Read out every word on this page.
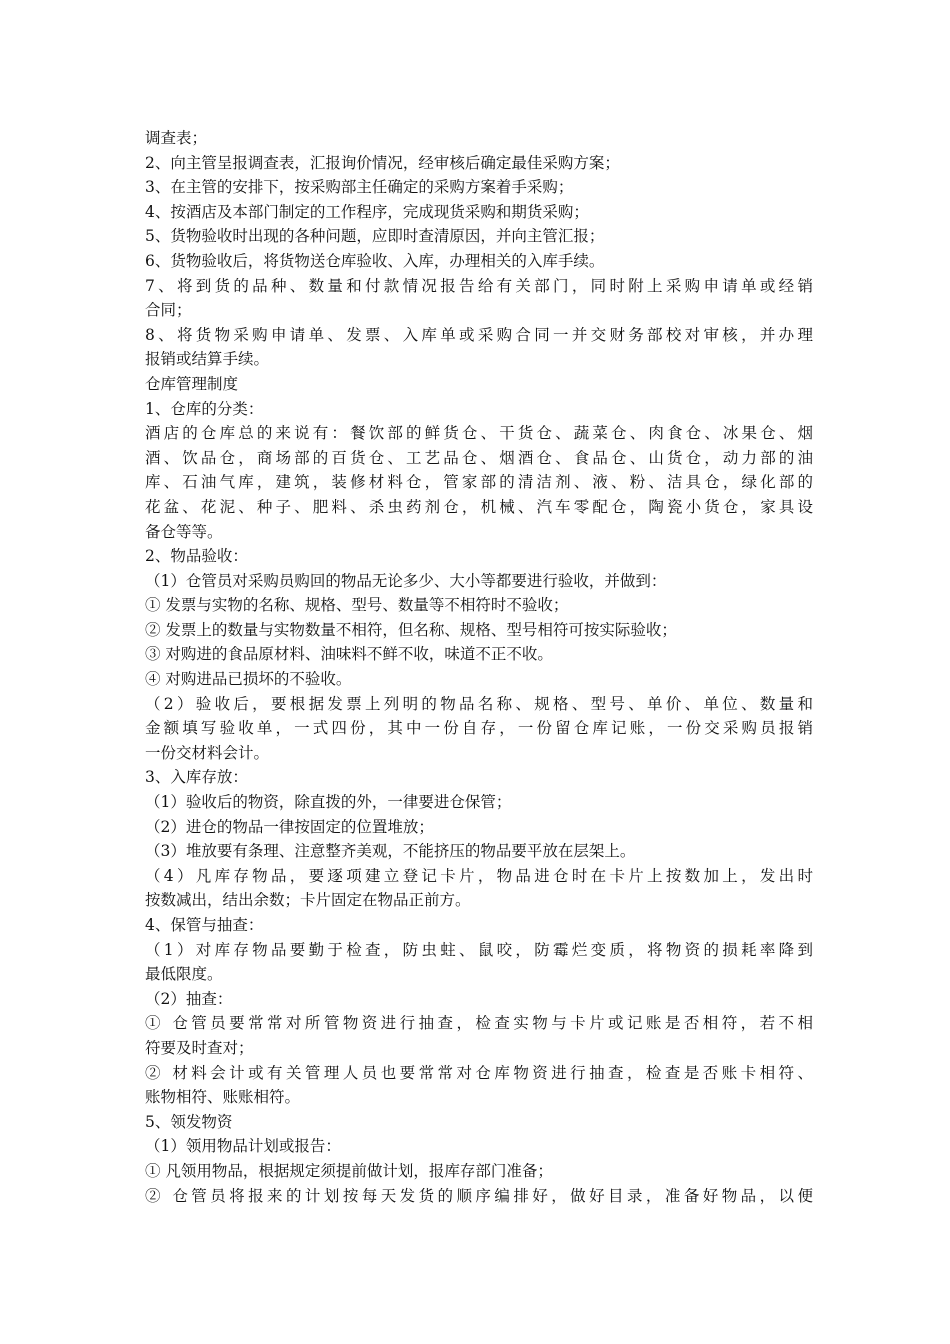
调查表；
2、向主管呈报调查表，汇报询价情况，经审核后确定最佳采购方案；
3、在主管的安排下，按采购部主任确定的采购方案着手采购；
4、按酒店及本部门制定的工作程序，完成现货采购和期货采购；
5、货物验收时出现的各种问题，应即时查清原因，并向主管汇报；
6、货物验收后，将货物送仓库验收、入库，办理相关的入库手续。
7、将到货的品种、数量和付款情况报告给有关部门，同时附上采购申请单或经销
合同；
8、将货物采购申请单、发票、入库单或采购合同一并交财务部校对审核，并办理
报销或结算手续。
仓库管理制度
1、仓库的分类：
酒店的仓库总的来说有：餐饮部的鲜货仓、干货仓、蔬菜仓、肉食仓、冰果仓、烟
酒、饮品仓，商场部的百货仓、工艺品仓、烟酒仓、食品仓、山货仓，动力部的油
库、石油气库，建筑，装修材料仓，管家部的清洁剂、液、粉、洁具仓，绿化部的
花盆、花泥、种子、肥料、杀虫药剂仓，机械、汽车零配仓，陶瓷小货仓，家具设
备仓等等。
2、物品验收：
（1）仓管员对采购员购回的物品无论多少、大小等都要进行验收，并做到：
① 发票与实物的名称、规格、型号、数量等不相符时不验收；
② 发票上的数量与实物数量不相符，但名称、规格、型号相符可按实际验收；
③ 对购进的食品原材料、油味料不鲜不收，味道不正不收。
④ 对购进品已损坏的不验收。
（2）验收后，要根据发票上列明的物品名称、规格、型号、单价、单位、数量和
金额填写验收单，一式四份，其中一份自存，一份留仓库记账，一份交采购员报销
一份交材料会计。
3、入库存放：
（1）验收后的物资，除直拨的外，一律要进仓保管；
（2）进仓的物品一律按固定的位置堆放；
（3）堆放要有条理、注意整齐美观，不能挤压的物品要平放在层架上。
（4）凡库存物品，要逐项建立登记卡片，物品进仓时在卡片上按数加上，发出时
按数减出，结出余数；卡片固定在物品正前方。
4、保管与抽查：
（1）对库存物品要勤于检查，防虫蛀、鼠咬，防霉烂变质，将物资的损耗率降到
最低限度。
（2）抽查：
① 仓管员要常常对所管物资进行抽查，检查实物与卡片或记账是否相符，若不相
符要及时查对；
② 材料会计或有关管理人员也要常常对仓库物资进行抽查，检查是否账卡相符、
账物相符、账账相符。
5、领发物资
（1）领用物品计划或报告：
① 凡领用物品，根据规定须提前做计划，报库存部门准备；
② 仓管员将报来的计划按每天发货的顺序编排好，做好目录，准备好物品，以便
